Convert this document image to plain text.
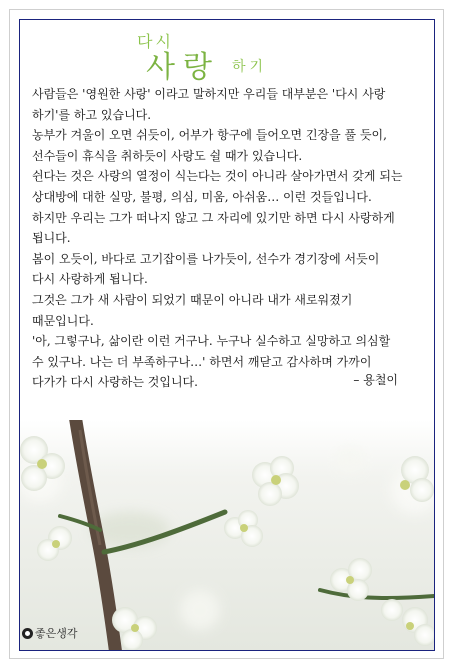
다시
사랑 하기
사람들은 '영원한 사랑' 이라고 말하지만 우리들 대부분은 '다시 사랑
하기'를 하고 있습니다.
농부가 겨울이 오면 쉬듯이, 어부가 항구에 들어오면 긴장을 풀 듯이,
선수들이 휴식을 취하듯이 사랑도 쉴 때가 있습니다.
쉰다는 것은 사랑의 열정이 식는다는 것이 아니라 살아가면서 갖게 되는
상대방에 대한 실망, 불평, 의심, 미움, 아쉬움… 이런 것들입니다.
하지만 우리는 그가 떠나지 않고 그 자리에 있기만 하면 다시 사랑하게
됩니다.
봄이 오듯이, 바다로 고기잡이를 나가듯이, 선수가 경기장에 서듯이
다시 사랑하게 됩니다.
그것은 그가 새 사람이 되었기 때문이 아니라 내가 새로워졌기
때문입니다.
'아, 그렇구나, 삶이란 이런 거구나. 누구나 실수하고 실망하고 의심할
수 있구나. 나는 더 부족하구나…' 하면서 깨닫고 감사하며 가까이
다가가 다시 사랑하는 것입니다.	– 용철이
좋은생각
